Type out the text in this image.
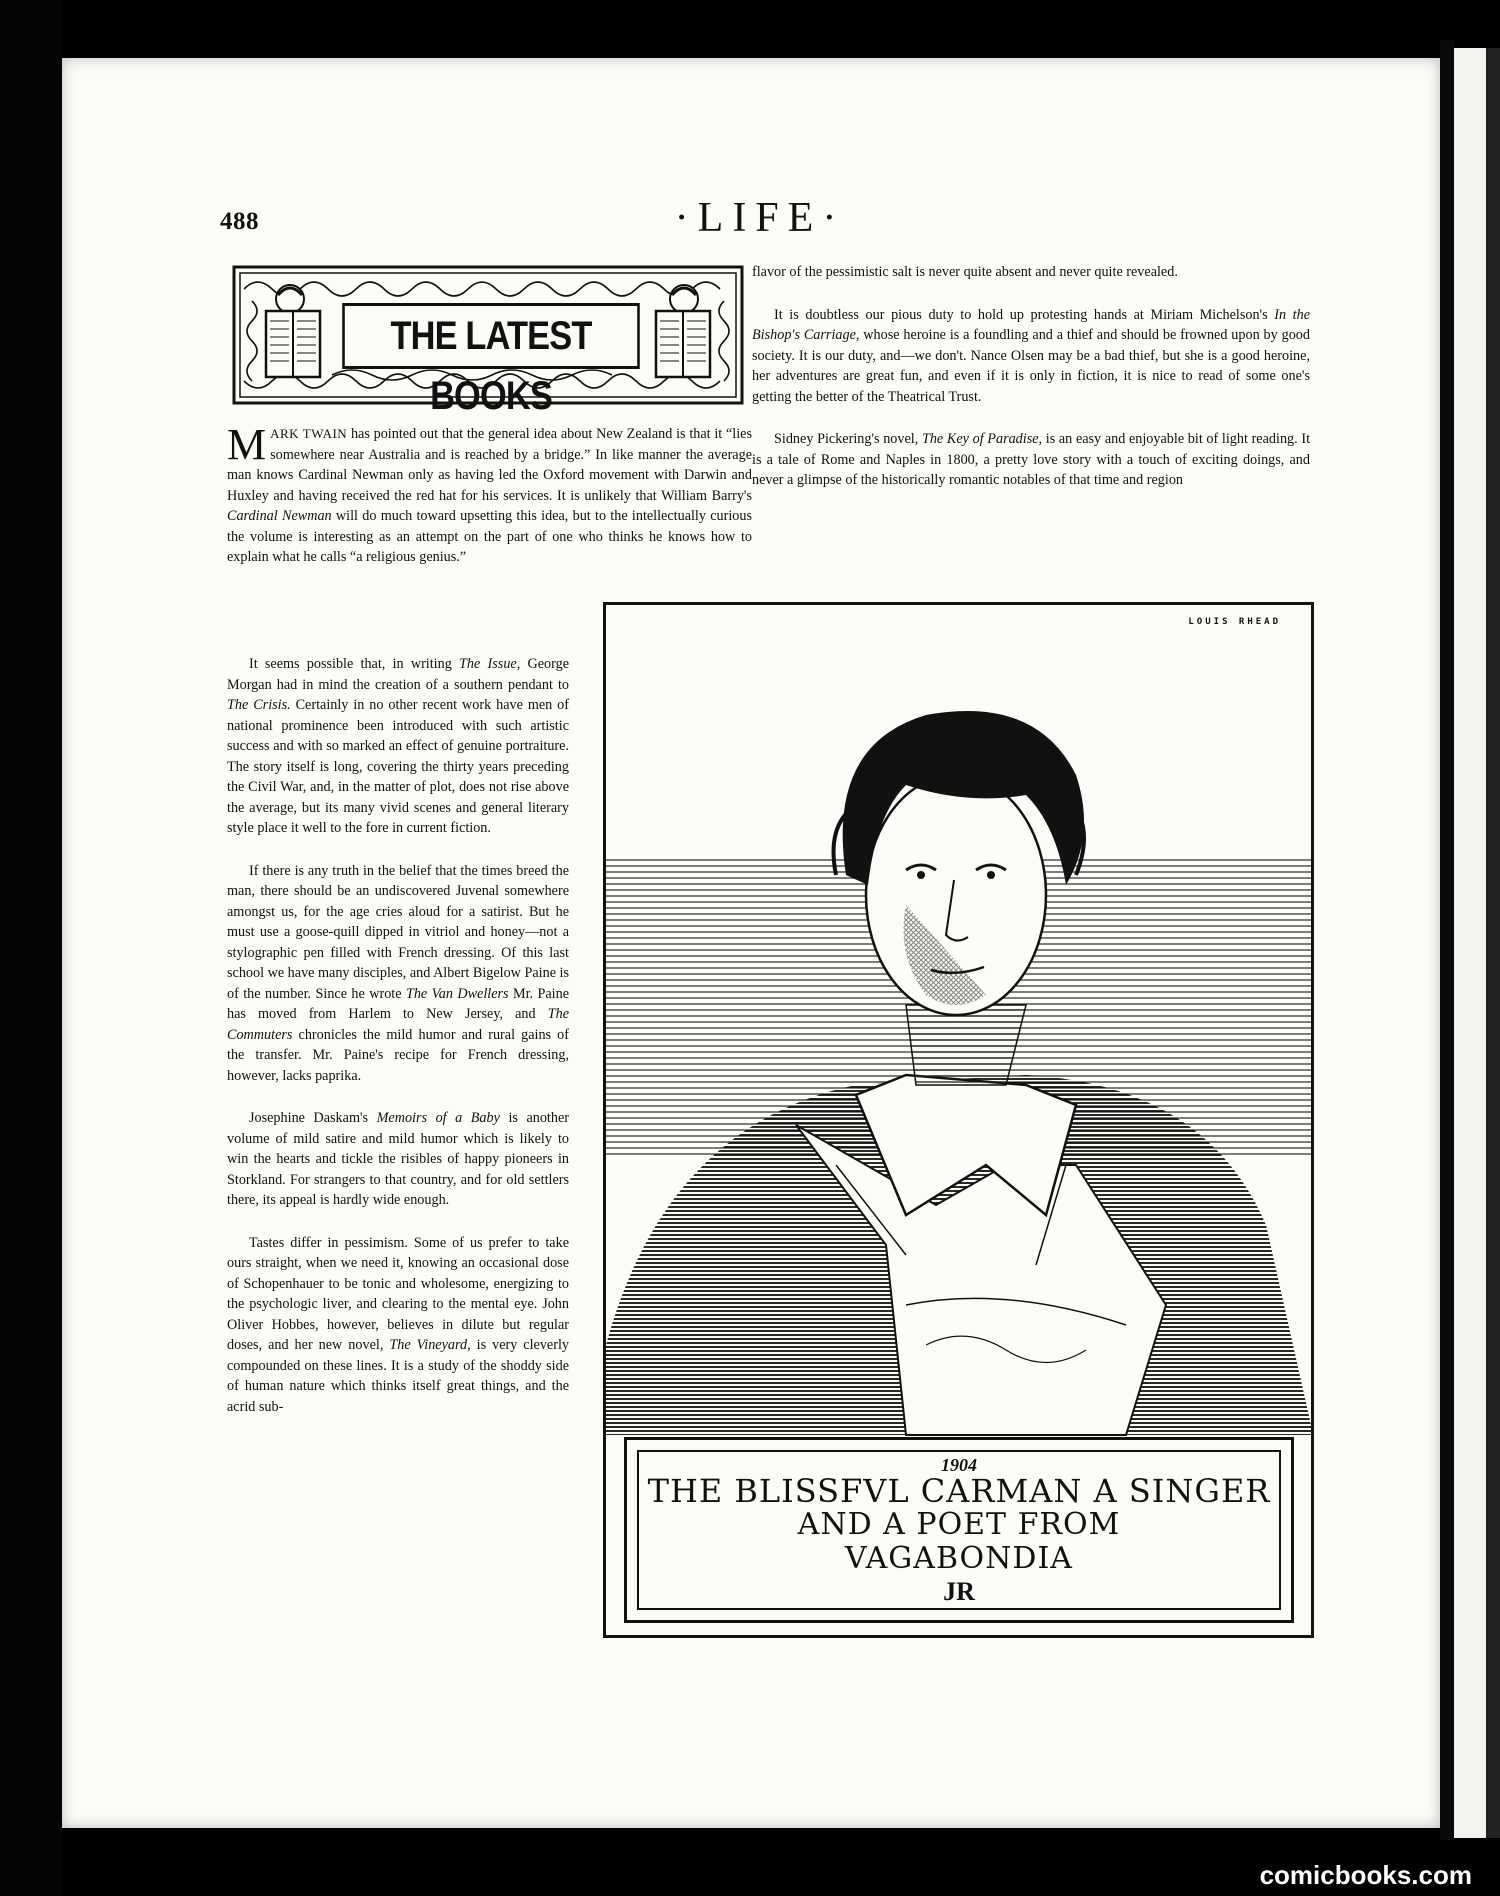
488	·LIFE·
THE LATEST BOOKS

MARK TWAIN has pointed out that the general idea about New Zealand is that it “lies somewhere near Australia and is reached by a bridge.” In like manner the average man knows Cardinal Newman only as having led the Oxford movement with Darwin and Huxley and having received the red hat for his services. It is unlikely that William Barry's Cardinal Newman will do much toward upsetting this idea, but to the intellectually curious the volume is interesting as an attempt on the part of one who thinks he knows how to explain what he calls “a religious genius.”

It seems possible that, in writing The Issue, George Morgan had in mind the creation of a southern pendant to The Crisis. Certainly in no other recent work have men of national prominence been introduced with such artistic success and with so marked an effect of genuine portraiture. The story itself is long, covering the thirty years preceding the Civil War, and, in the matter of plot, does not rise above the average, but its many vivid scenes and general literary style place it well to the fore in current fiction.

If there is any truth in the belief that the times breed the man, there should be an undiscovered Juvenal somewhere amongst us, for the age cries aloud for a satirist. But he must use a goose-quill dipped in vitriol and honey—not a stylographic pen filled with French dressing. Of this last school we have many disciples, and Albert Bigelow Paine is of the number. Since he wrote The Van Dwellers Mr. Paine has moved from Harlem to New Jersey, and The Commuters chronicles the mild humor and rural gains of the transfer. Mr. Paine's recipe for French dressing, however, lacks paprika.

Josephine Daskam's Memoirs of a Baby is another volume of mild satire and mild humor which is likely to win the hearts and tickle the risibles of happy pioneers in Storkland. For strangers to that country, and for old settlers there, its appeal is hardly wide enough.

Tastes differ in pessimism. Some of us prefer to take ours straight, when we need it, knowing an occasional dose of Schopenhauer to be tonic and wholesome, energizing to the psychologic liver, and clearing to the mental eye. John Oliver Hobbes, however, believes in dilute but regular doses, and her new novel, The Vineyard, is very cleverly compounded on these lines. It is a study of the shoddy side of human nature which thinks itself great things, and the acrid sub-

flavor of the pessimistic salt is never quite absent and never quite revealed.

It is doubtless our pious duty to hold up protesting hands at Miriam Michelson's In the Bishop's Carriage, whose heroine is a foundling and a thief and should be frowned upon by good society. It is our duty, and—we don't. Nance Olsen may be a bad thief, but she is a good heroine, her adventures are great fun, and even if it is only in fiction, it is nice to read of some one's getting the better of the Theatrical Trust.

Sidney Pickering's novel, The Key of Paradise, is an easy and enjoyable bit of light reading. It is a tale of Rome and Naples in 1800, a pretty love story with a touch of exciting doings, and never a glimpse of the historically romantic notables of that time and region

LOUIS RHEAD
1904
THE BLISSFVL CARMAN A SINGER
AND A POET FROM
VAGABONDIA
JR
comicbooks.com
